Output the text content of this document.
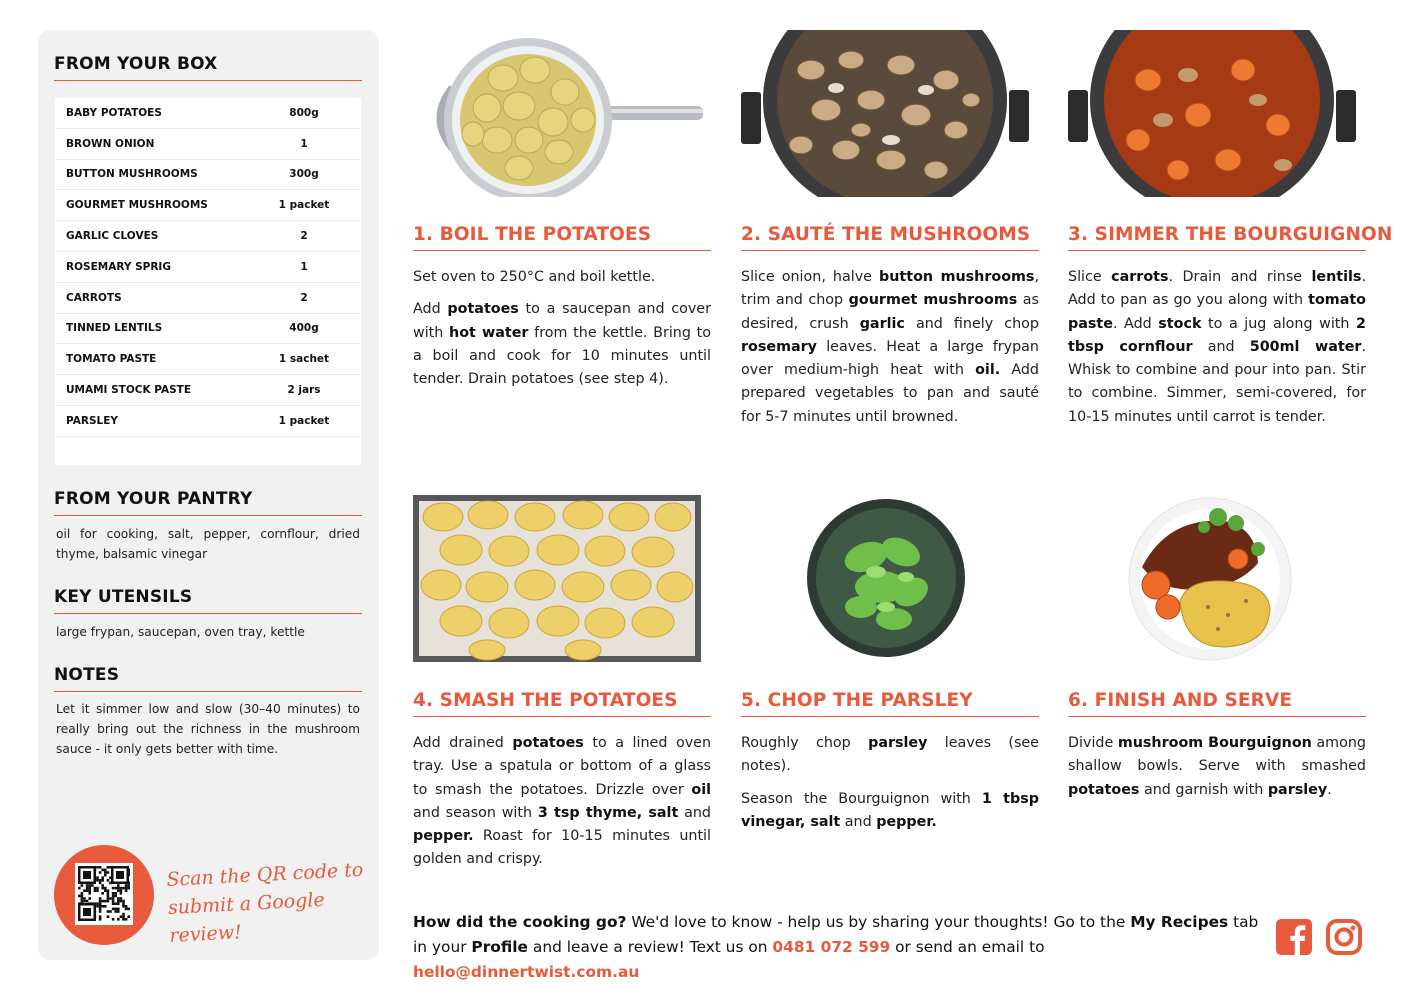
FROM YOUR BOX
BABY POTATOES	800g
BROWN ONION	1
BUTTON MUSHROOMS	300g
GOURMET MUSHROOMS	1 packet
GARLIC CLOVES	2
ROSEMARY SPRIG	1
CARROTS	2
TINNED LENTILS	400g
TOMATO PASTE	1 sachet
UMAMI STOCK PASTE	2 jars
PARSLEY	1 packet
FROM YOUR PANTRY
oil for cooking, salt, pepper, cornflour, dried thyme, balsamic vinegar
KEY UTENSILS
large frypan, saucepan, oven tray, kettle
NOTES
Let it simmer low and slow (30–40 minutes) to really bring out the richness in the mushroom sauce - it only gets better with time.
Scan the QR code to
submit a Google review!
1. BOIL THE POTATOES

Set oven to 250°C and boil kettle.

Add potatoes to a saucepan and cover with hot water from the kettle. Bring to a boil and cook for 10 minutes until tender. Drain potatoes (see step 4).

2. SAUTÉ THE MUSHROOMS

Slice onion, halve button mushrooms, trim and chop gourmet mushrooms as desired, crush garlic and finely chop rosemary leaves. Heat a large frypan over medium-high heat with oil. Add prepared vegetables to pan and sauté for 5-7 minutes until browned.

3. SIMMER THE BOURGUIGNON

Slice carrots. Drain and rinse lentils. Add to pan as go you along with tomato paste. Add stock to a jug along with 2 tbsp cornflour and 500ml water. Whisk to combine and pour into pan. Stir to combine. Simmer, semi-covered, for 10-15 minutes until carrot is tender.

4. SMASH THE POTATOES

Add drained potatoes to a lined oven tray. Use a spatula or bottom of a glass to smash the potatoes. Drizzle over oil and season with 3 tsp thyme, salt and pepper. Roast for 10-15 minutes until golden and crispy.

5. CHOP THE PARSLEY

Roughly chop parsley leaves (see notes).

Season the Bourguignon with 1 tbsp vinegar, salt and pepper.

6. FINISH AND SERVE

Divide mushroom Bourguignon among shallow bowls. Serve with smashed potatoes and garnish with parsley.

How did the cooking go? We'd love to know - help us by sharing your thoughts! Go to the My Recipes tab in your Profile and leave a review! Text us on 0481 072 599 or send an email to hello@dinnertwist.com.au
